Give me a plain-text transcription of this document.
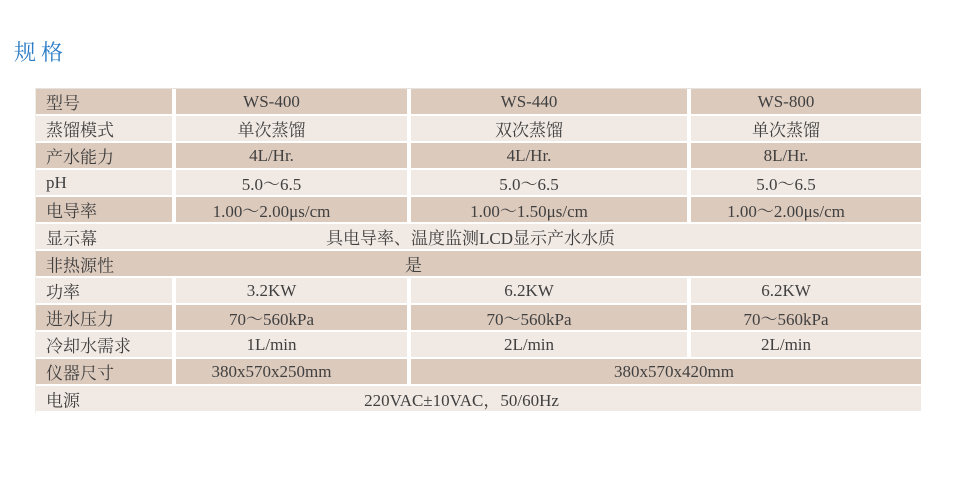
规格
型号	WS-400	WS-440	WS-800
蒸馏模式	单次蒸馏	双次蒸馏	单次蒸馏
产水能力	4L/Hr.	4L/Hr.	8L/Hr.
pH	5.0～6.5	5.0～6.5	5.0～6.5
电导率	1.00～2.00μs/cm	1.00～1.50μs/cm	1.00～2.00μs/cm

显示幕 具电导率、温度监测LCD显示产水水质			

非热源性 是			

功率	3.2KW	6.2KW	6.2KW
进水压力	70～560kPa	70～560kPa	70～560kPa
冷却水需求	1L/min	2L/min	2L/min
仪器尺寸	380x570x250mm	380x570x420mm	

电源 220VAC±10VAC，50/60Hz			
